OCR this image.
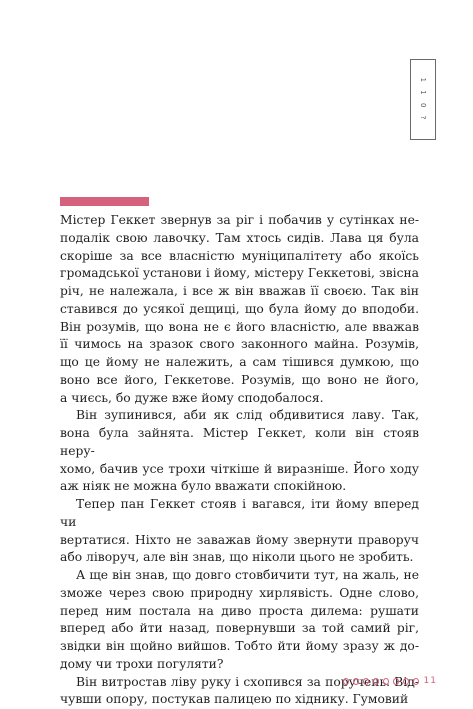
1 1 0 ?

Містер Геккет звернув за ріг і побачив у сутінках не-
подалік свою лавочку. Там хтось сидів. Лава ця була
скоріше за все власністю муніципалітету або якоїсь
громадської установи і йому, містеру Геккетові, звісна
річ, не належала, і все ж він вважав її своєю. Так він
ставився до усякої дещиці, що була йому до вподоби.
Він розумів, що вона не є його власністю, але вважав
її чимось на зразок свого законного майна. Розумів,
що це йому не належить, а сам тішився думкою, що
воно все його, Геккетове. Розумів, що воно не його,
а чиєсь, бо дуже вже йому сподобалося.

Він зупинився, аби як слід обдивитися лаву. Так,
вона була зайнята. Містер Геккет, коли він стояв неру-
хомо, бачив усе трохи чіткіше й виразніше. Його ходу
аж ніяк не можна було вважати спокійною.

Тепер пан Геккет стояв і вагався, іти йому вперед чи
вертатися. Ніхто не заважав йому звернути праворуч
або ліворуч, але він знав, що ніколи цього не зробить.

А ще він знав, що довго стовбичити тут, на жаль, не
зможе через свою природну хирлявість. Одне слово,
перед ним постала на диво проста дилема: рушати
вперед або йти назад, повернувши за той самий ріг,
звідки він щойно вийшов. Тобто йти йому зразу ж до-
дому чи трохи погуляти?

Він витростав ліву руку і схопився за поручень. Від-
чувши опору, постукав палицею по хіднику. Гумовий

11
